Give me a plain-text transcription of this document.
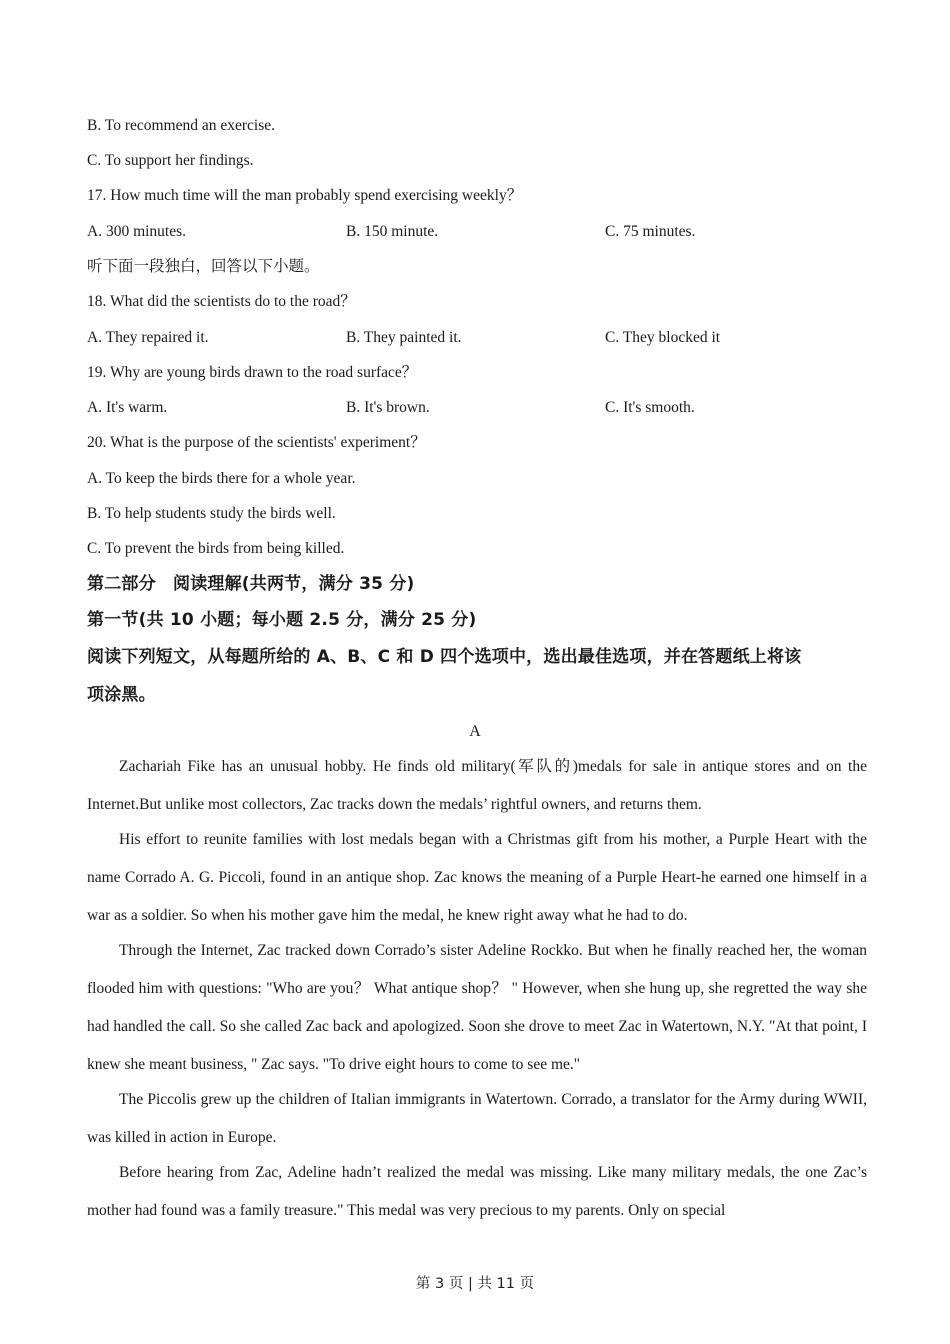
B. To recommend an exercise.
C. To support her findings.
17. How much time will the man probably spend exercising weekly？
A. 300 minutes.	B. 150 minute.	C. 75 minutes.
听下面一段独白，回答以下小题。
18. What did the scientists do to the road？
A. They repaired it.	B. They painted it.	C. They blocked it
19. Why are young birds drawn to the road surface？
A. It's warm.	B. It's brown.	C. It's smooth.
20. What is the purpose of the scientists' experiment？
A. To keep the birds there for a whole year.
B. To help students study the birds well.
C. To prevent the birds from being killed.
第二部分　阅读理解(共两节，满分 35 分)
第一节(共 10 小题；每小题 2.5 分，满分 25 分)
阅读下列短文，从每题所给的 A、B、C 和 D 四个选项中，选出最佳选项，并在答题纸上将该
项涂黑。
A
Zachariah Fike has an unusual hobby. He finds old military(军队的)medals for sale in antique stores and on the Internet.But unlike most collectors, Zac tracks down the medals’ rightful owners, and returns them.
His effort to reunite families with lost medals began with a Christmas gift from his mother, a Purple Heart with the name Corrado A. G. Piccoli, found in an antique shop. Zac knows the meaning of a Purple Heart-he earned one himself in a war as a soldier. So when his mother gave him the medal, he knew right away what he had to do.
Through the Internet, Zac tracked down Corrado’s sister Adeline Rockko. But when he finally reached her, the woman flooded him with questions: "Who are you？ What antique shop？ " However, when she hung up, she regretted the way she had handled the call. So she called Zac back and apologized. Soon she drove to meet Zac in Watertown, N.Y. "At that point, I knew she meant business, " Zac says. "To drive eight hours to come to see me."
The Piccolis grew up the children of Italian immigrants in Watertown. Corrado, a translator for the Army during WWII, was killed in action in Europe.
Before hearing from Zac, Adeline hadn’t realized the medal was missing. Like many military medals, the one Zac’s mother had found was a family treasure." This medal was very precious to my parents. Only on special
第 3 页 | 共 11 页
